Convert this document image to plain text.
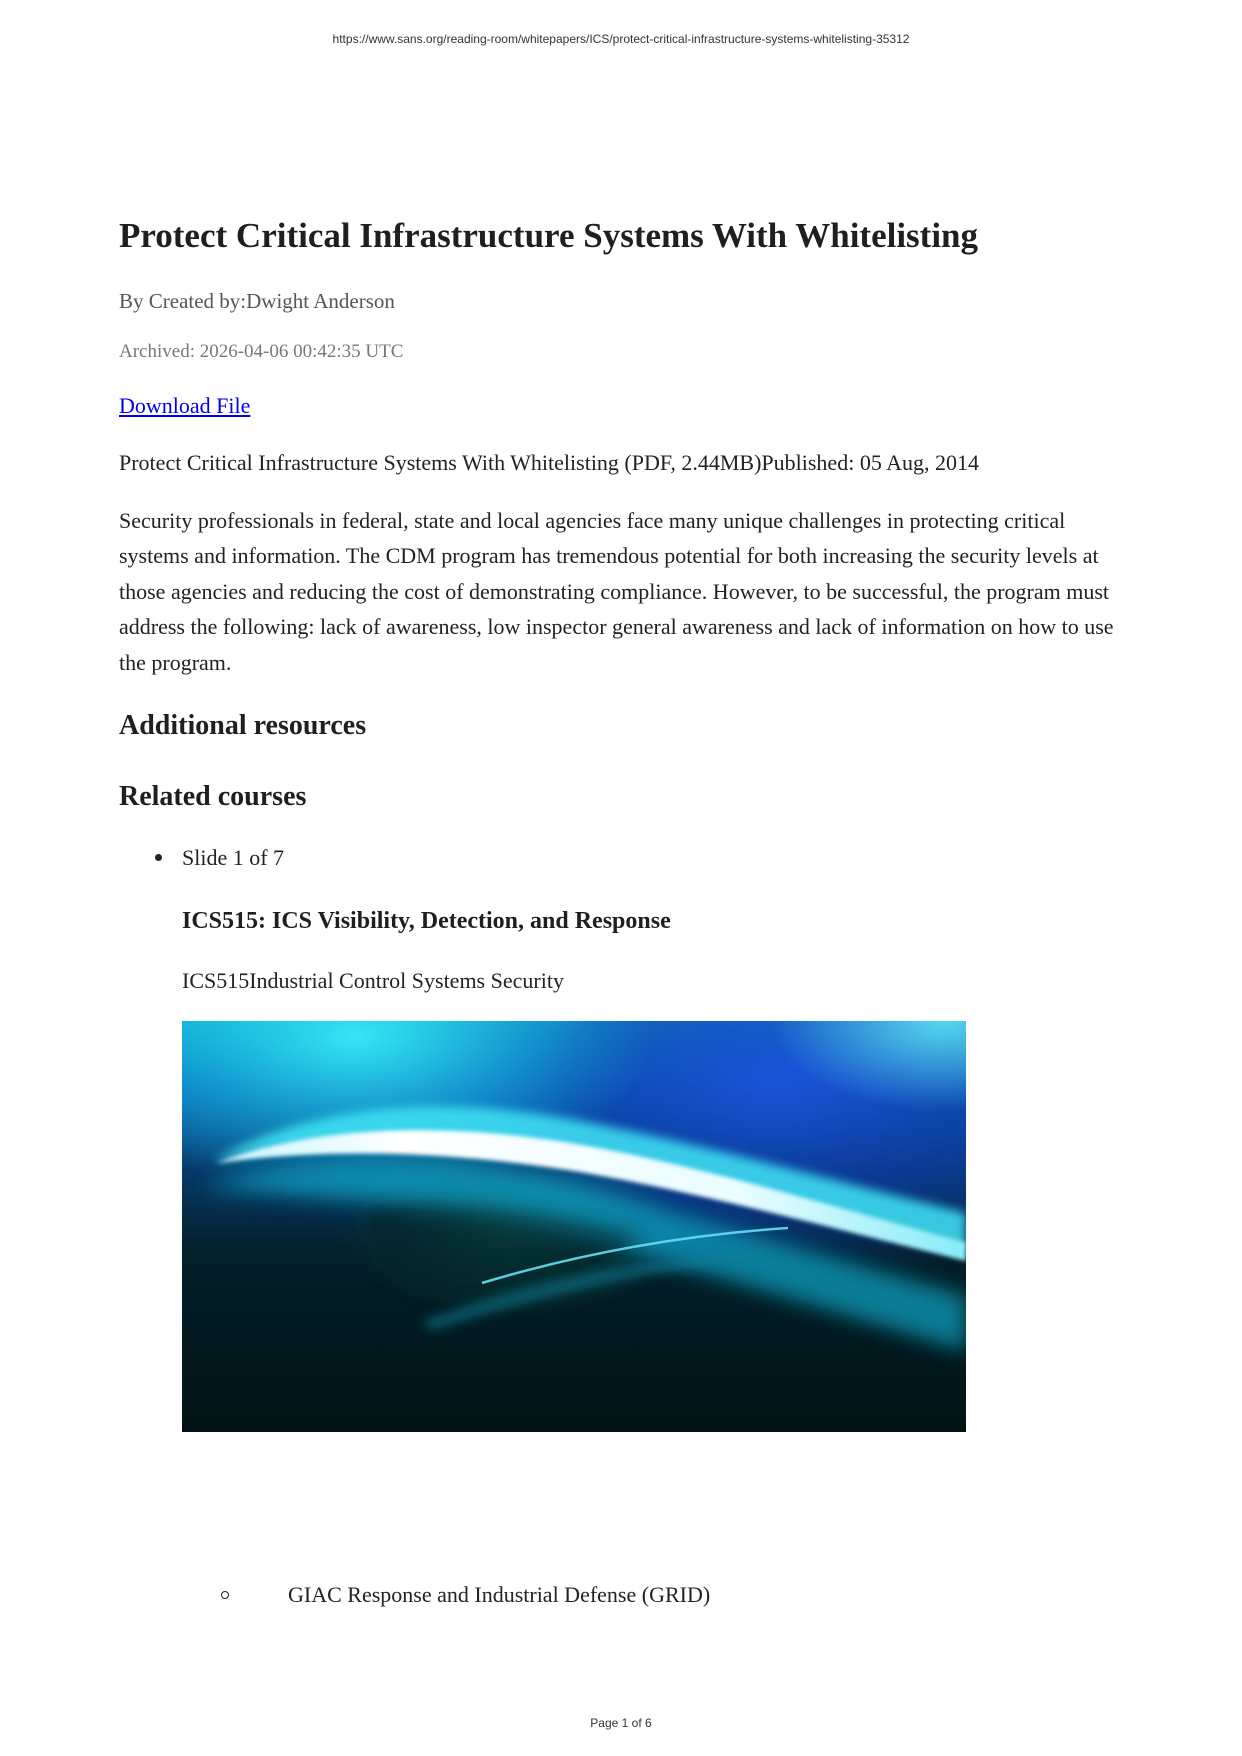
https://www.sans.org/reading-room/whitepapers/ICS/protect-critical-infrastructure-systems-whitelisting-35312
Protect Critical Infrastructure Systems With Whitelisting
By Created by:Dwight Anderson
Archived: 2026-04-06 00:42:35 UTC
Download File
Protect Critical Infrastructure Systems With Whitelisting (PDF, 2.44MB)Published: 05 Aug, 2014

Security professionals in federal, state and local agencies face many unique challenges in protecting critical systems and information. The CDM program has tremendous potential for both increasing the security levels at those agencies and reducing the cost of demonstrating compliance. However, to be successful, the program must address the following: lack of awareness, low inspector general awareness and lack of information on how to use the program.

Additional resources
Related courses
Slide 1 of 7
ICS515: ICS Visibility, Detection, and Response
ICS515Industrial Control Systems Security
GIAC Response and Industrial Defense (GRID)
Page 1 of 6
